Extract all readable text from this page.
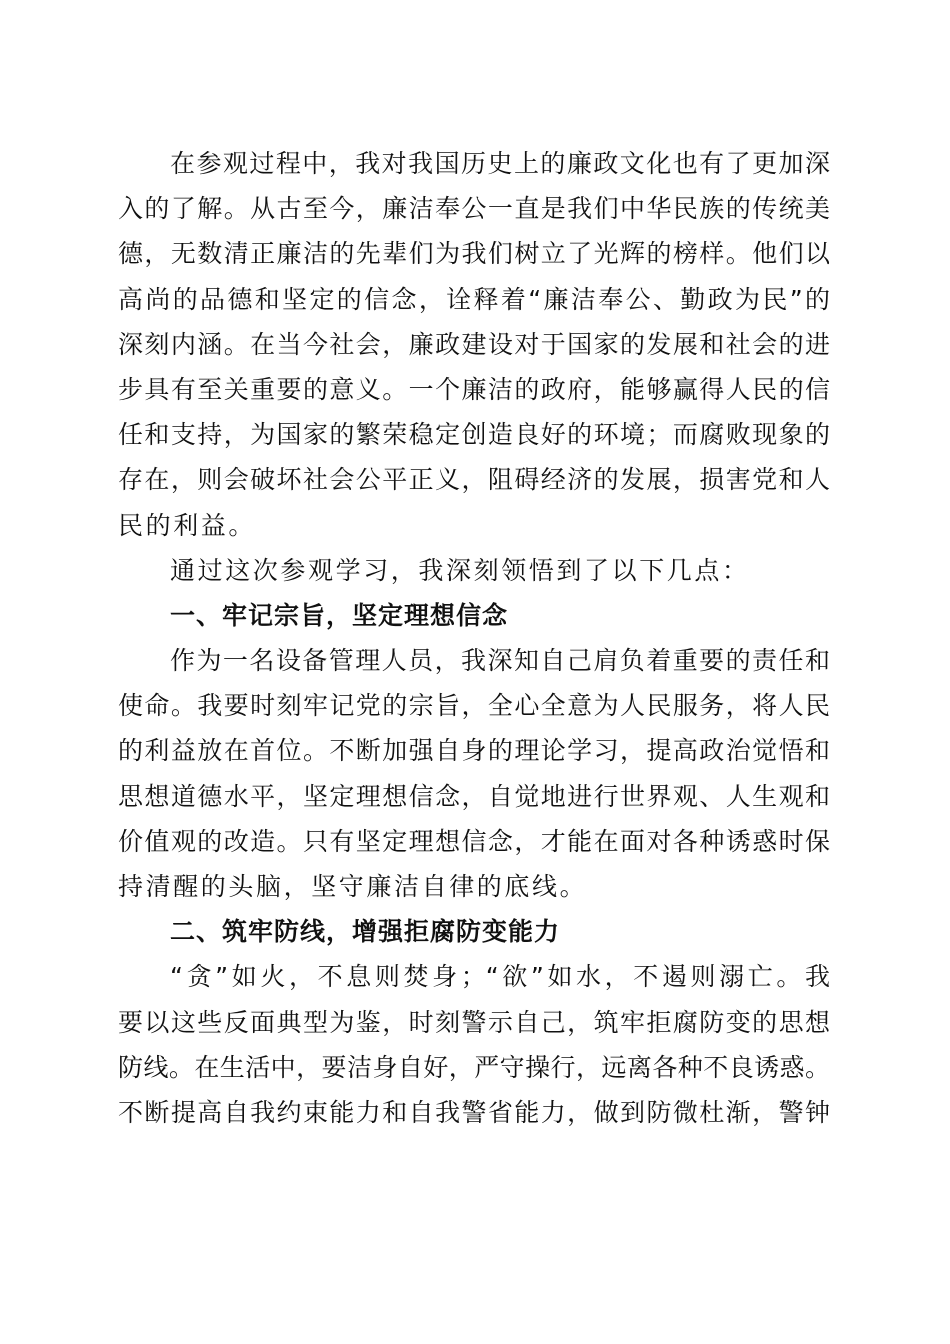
在参观过程中，我对我国历史上的廉政文化也有了更加深
入的了解。从古至今，廉洁奉公一直是我们中华民族的传统美
德，无数清正廉洁的先辈们为我们树立了光辉的榜样。他们以
高尚的品德和坚定的信念，诠释着“廉洁奉公、勤政为民”的
深刻内涵。在当今社会，廉政建设对于国家的发展和社会的进
步具有至关重要的意义。一个廉洁的政府，能够赢得人民的信
任和支持，为国家的繁荣稳定创造良好的环境；而腐败现象的
存在，则会破坏社会公平正义，阻碍经济的发展，损害党和人
民的利益。
通过这次参观学习，我深刻领悟到了以下几点：
一、牢记宗旨，坚定理想信念
作为一名设备管理人员，我深知自己肩负着重要的责任和
使命。我要时刻牢记党的宗旨，全心全意为人民服务，将人民
的利益放在首位。不断加强自身的理论学习，提高政治觉悟和
思想道德水平，坚定理想信念，自觉地进行世界观、人生观和
价值观的改造。只有坚定理想信念，才能在面对各种诱惑时保
持清醒的头脑，坚守廉洁自律的底线。
二、筑牢防线，增强拒腐防变能力
“贪”如火，不息则焚身；“欲”如水，不遏则溺亡。我
要以这些反面典型为鉴，时刻警示自己，筑牢拒腐防变的思想
防线。在生活中，要洁身自好，严守操行，远离各种不良诱惑。
不断提高自我约束能力和自我警省能力，做到防微杜渐，警钟
